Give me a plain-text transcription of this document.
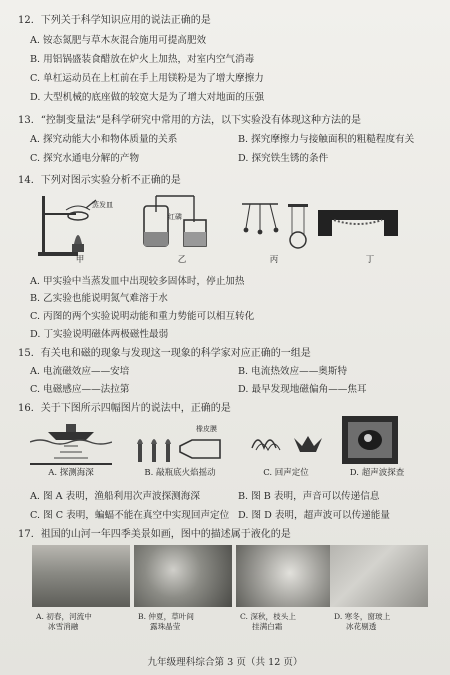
12．下列关于科学知识应用的说法正确的是
A. 铵态氮肥与草木灰混合施用可提高肥效
B. 用铝锅盛装食醋放在炉火上加热，对室内空气消毒
C. 单杠运动员在上杠前在手上用镁粉是为了增大摩擦力
D. 大型机械的底座做的较宽大是为了增大对地面的压强
13．“控制变量法”是科学研究中常用的方法，以下实验没有体现这种方法的是
A. 探究动能大小和物体质量的关系	B. 探究摩擦力与接触面积的粗糙程度有关
C. 探究水通电分解的产物	D. 探究铁生锈的条件
14．下列对图示实验分析不正确的是
蒸发皿
甲
红磷
乙	丙	丁
A. 甲实验中当蒸发皿中出现较多固体时，停止加热
B. 乙实验也能说明氮气难溶于水
C. 丙图的两个实验说明动能和重力势能可以相互转化
D. 丁实验说明磁体两极磁性最弱
15．有关电和磁的现象与发现这一现象的科学家对应正确的一组是
A. 电流磁效应——安培	B. 电流热效应——奥斯特
C. 电磁感应——法拉第	D. 最早发现地磁偏角——焦耳
16．关于下图所示四幅图片的说法中，正确的是
A. 探测海深
橡皮膜
B. 敲瓶底火焰摇动	C. 回声定位	D. 超声波探查
A. 图 A 表明，渔船利用次声波探测海深	B. 图 B 表明，声音可以传递信息
C. 图 C 表明，蝙蝠不能在真空中实现回声定位 D. 图 D 表明，超声波可以传递能量
17．祖国的山河一年四季美景如画，图中的描述属于液化的是
A. 初春，河流中
冰雪消融
B. 仲夏，草叶间
露珠晶莹
C. 深秋，枝头上
挂满白霜
D. 寒冬，窗玻上
冰花剔透
九年级理科综合第 3 页（共 12 页）
